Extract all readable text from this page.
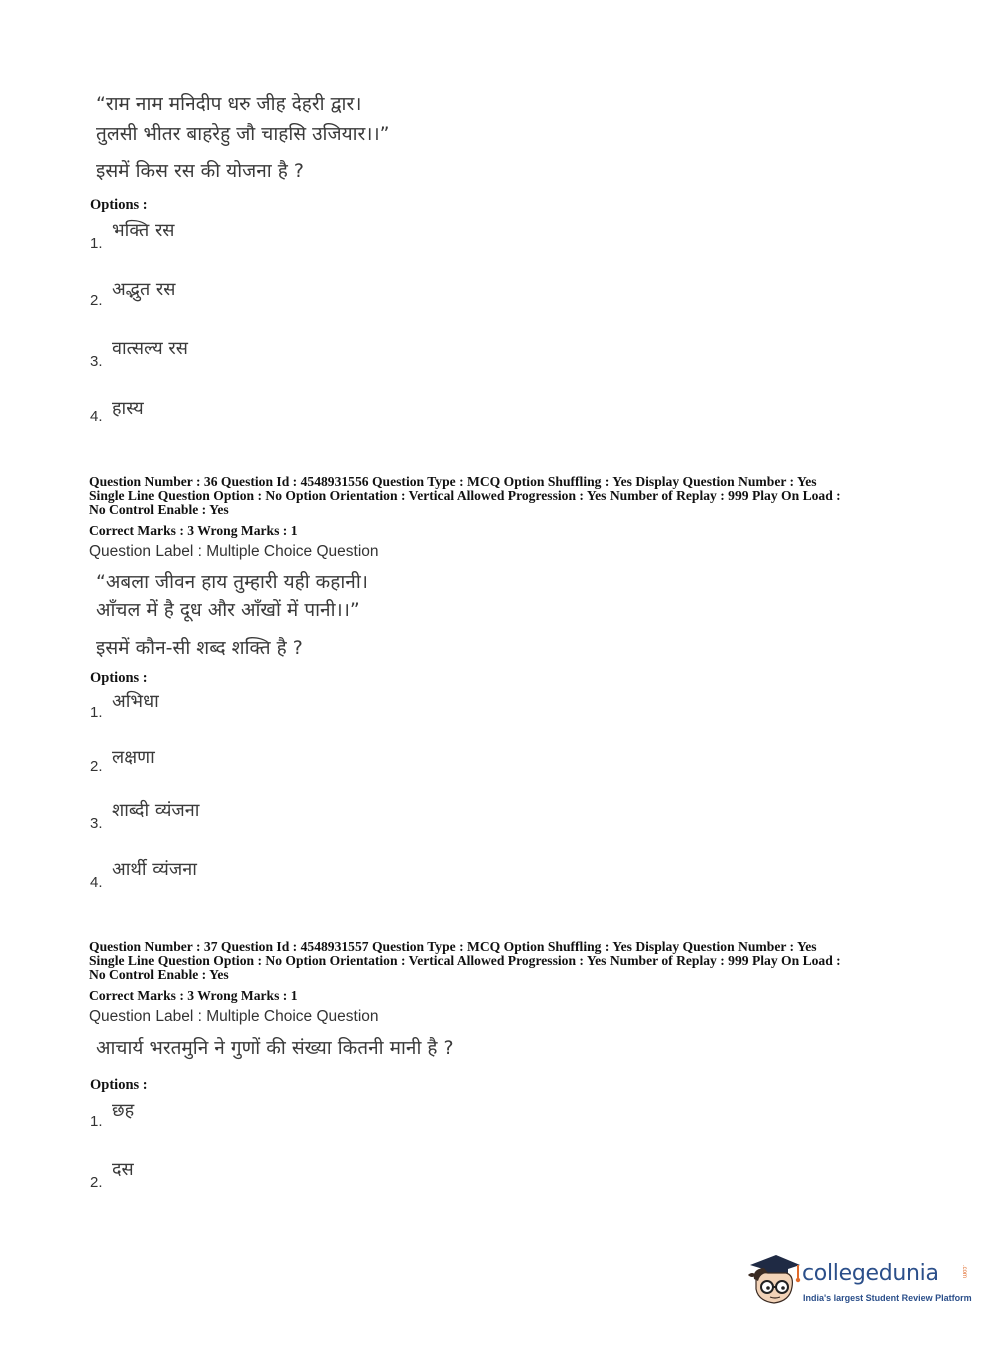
“राम नाम मनिदीप धरु जीह देहरी द्वार।
तुलसी भीतर बाहरेहु जौ चाहसि उजियार।।”
इसमें किस रस की योजना है ?
Options :
1.
भक्ति रस
2.
अद्भुत रस
3.
वात्सल्य रस
4. हास्य
Question Number : 36 Question Id : 4548931556 Question Type : MCQ Option Shuffling : Yes Display Question Number : Yes
Single Line Question Option : No Option Orientation : Vertical Allowed Progression : Yes Number of Replay : 999 Play On Load :
No Control Enable : Yes
Correct Marks : 3 Wrong Marks : 1
Question Label : Multiple Choice Question
“अबला जीवन हाय तुम्हारी यही कहानी।
आँचल में है दूध और आँखों में पानी।।”
इसमें कौन-सी शब्द शक्ति है ?
Options :
1.
अभिधा
2. लक्षणा
3.
शाब्दी व्यंजना
4.
आर्थी व्यंजना
Question Number : 37 Question Id : 4548931557 Question Type : MCQ Option Shuffling : Yes Display Question Number : Yes
Single Line Question Option : No Option Orientation : Vertical Allowed Progression : Yes Number of Replay : 999 Play On Load :
No Control Enable : Yes
Correct Marks : 3 Wrong Marks : 1
Question Label : Multiple Choice Question
आचार्य भरतमुनि ने गुणों की संख्या कितनी मानी है ?
Options :
1.
छह
2.
दस
collegedunia	.com
India's largest Student Review Platform
